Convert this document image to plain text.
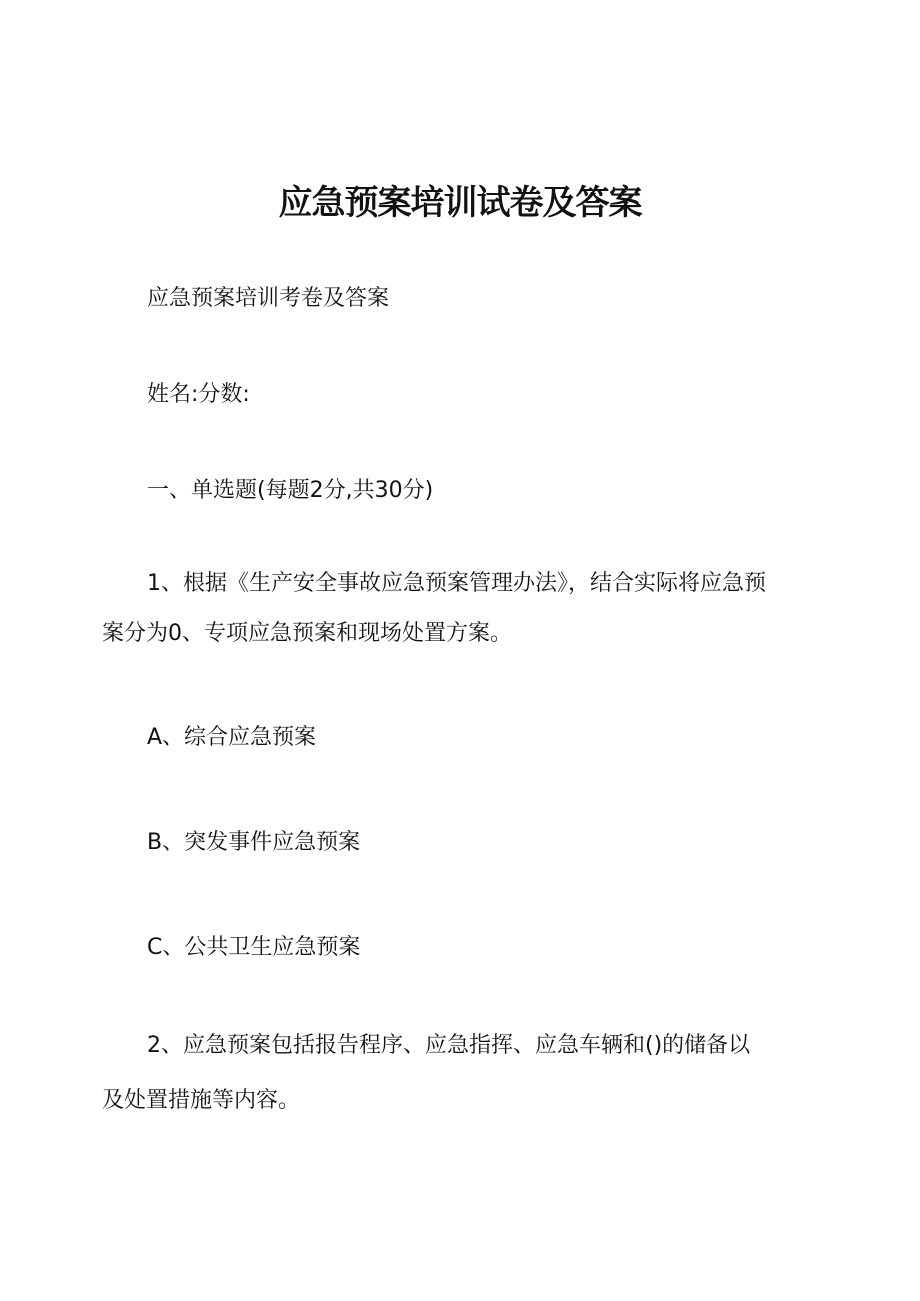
应急预案培训试卷及答案
应急预案培训考卷及答案
姓名:分数:
一、单选题(每题2分,共30分)
1、根据《生产安全事故应急预案管理办法》，结合实际将应急预
案分为0、专项应急预案和现场处置方案。
A、综合应急预案
B、突发事件应急预案
C、公共卫生应急预案
2、应急预案包括报告程序、应急指挥、应急车辆和()的储备以
及处置措施等内容。
